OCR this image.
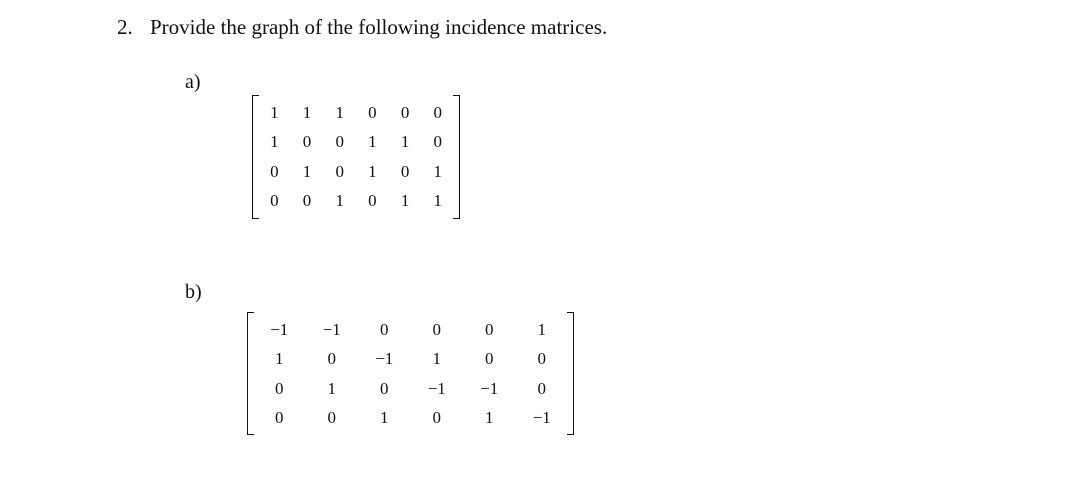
2. Provide the graph of the following incidence matrices.
a)
1	1	1	0	0	0
1	0	0	1	1	0
0	1	0	1	0	1
0	0	1	0	1	1
b)
−1	−1	0	0	0	1
1	0	−1	1	0	0
0	1	0	−1	−1	0
0	0	1	0	1	−1
